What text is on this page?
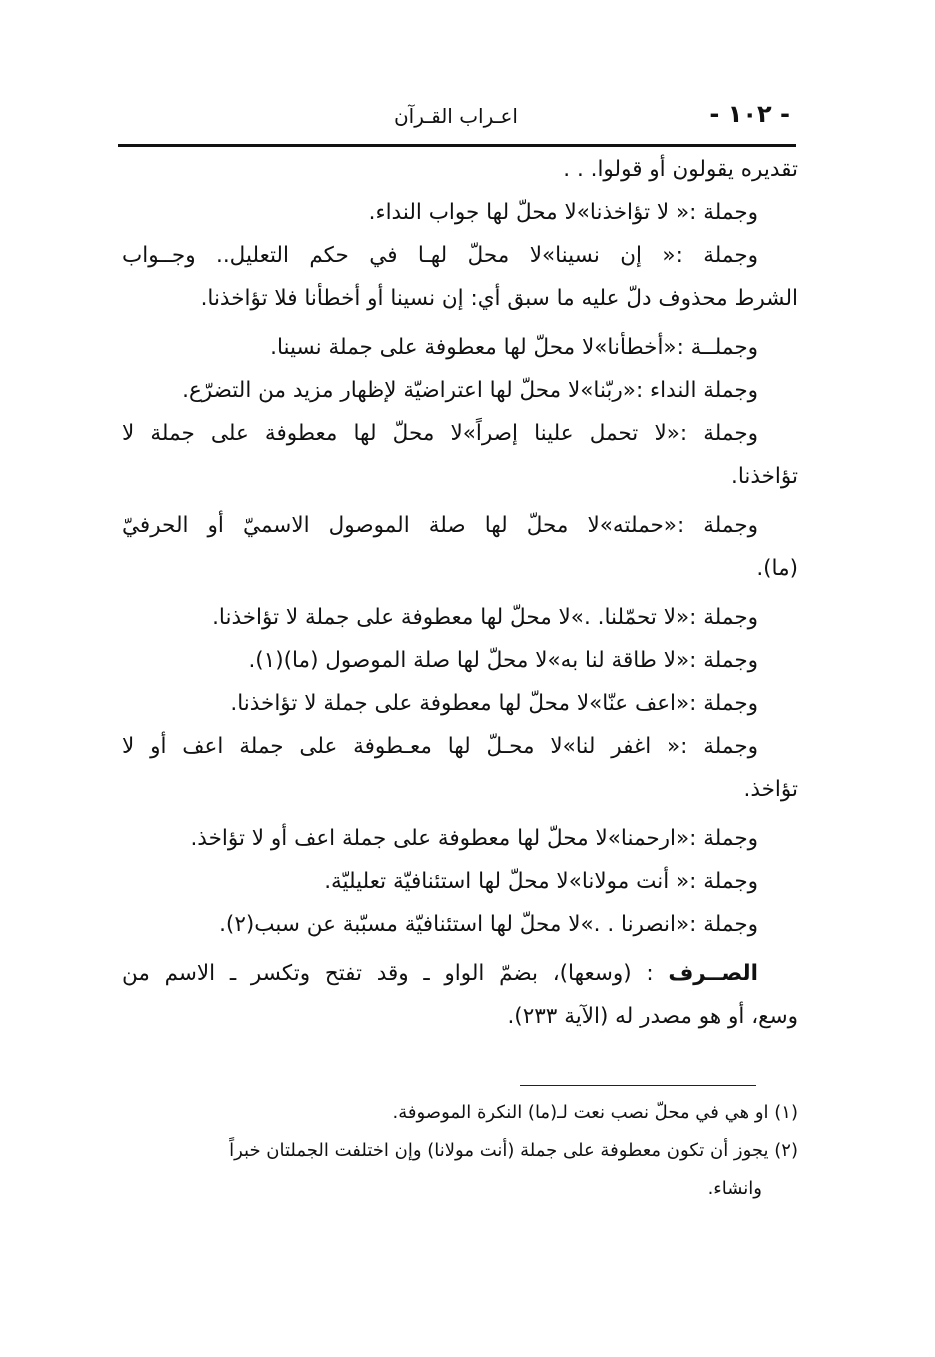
- ١٠٢ -
اعـراب القـرآن
تقديره يقولون أو قولوا. . .
وجملة :« لا تؤاخذنا»لا محلّ لها جواب النداء.
وجملة :« إن نسينا»لا محلّ لهـا في حكم التعليل.. وجــواب
الشرط محذوف دلّ عليه ما سبق أي: إن نسينا أو أخطأنا فلا تؤاخذنا.
وجملــة :«أخطأنا»لا محلّ لها معطوفة على جملة نسينا.
وجملة النداء :«ربّنا»لا محلّ لها اعتراضيّة لإظهار مزيد من التضرّع.
وجملة :«لا تحمل علينا إصراً»لا محلّ لها معطوفة على جملة لا
تؤاخذنا.
وجملة :«حملته»لا محلّ لها صلة الموصول الاسميّ أو الحرفيّ
(ما).
وجملة :«لا تحمّلنا. .»لا محلّ لها معطوفة على جملة لا تؤاخذنا.
وجملة :«لا طاقة لنا به»لا محلّ لها صلة الموصول (ما)(١).
وجملة :«اعف عنّا»لا محلّ لها معطوفة على جملة لا تؤاخذنا.
وجملة :« اغفر لنا»لا محـلّ لها معـطوفة على جملة اعف أو لا
تؤاخذ.
وجملة :«ارحمنا»لا محلّ لها معطوفة على جملة اعف أو لا تؤاخذ.
وجملة :« أنت مولانا»لا محلّ لها استئنافيّة تعليليّة.
وجملة :«انصرنا . .»لا محلّ لها استئنافيّة مسبّبة عن سبب(٢).
الصــرف : (وسعها)، بضمّ الواو ـ وقد تفتح وتكسر ـ الاسم من
وسع، أو هو مصدر له (الآية ٢٣٣).
(١) او هي في محلّ نصب نعت لـ(ما) النكرة الموصوفة.
(٢) يجوز أن تكون معطوفة على جملة (أنت مولانا) وإن اختلفت الجملتان خبراً
وانشاء.
